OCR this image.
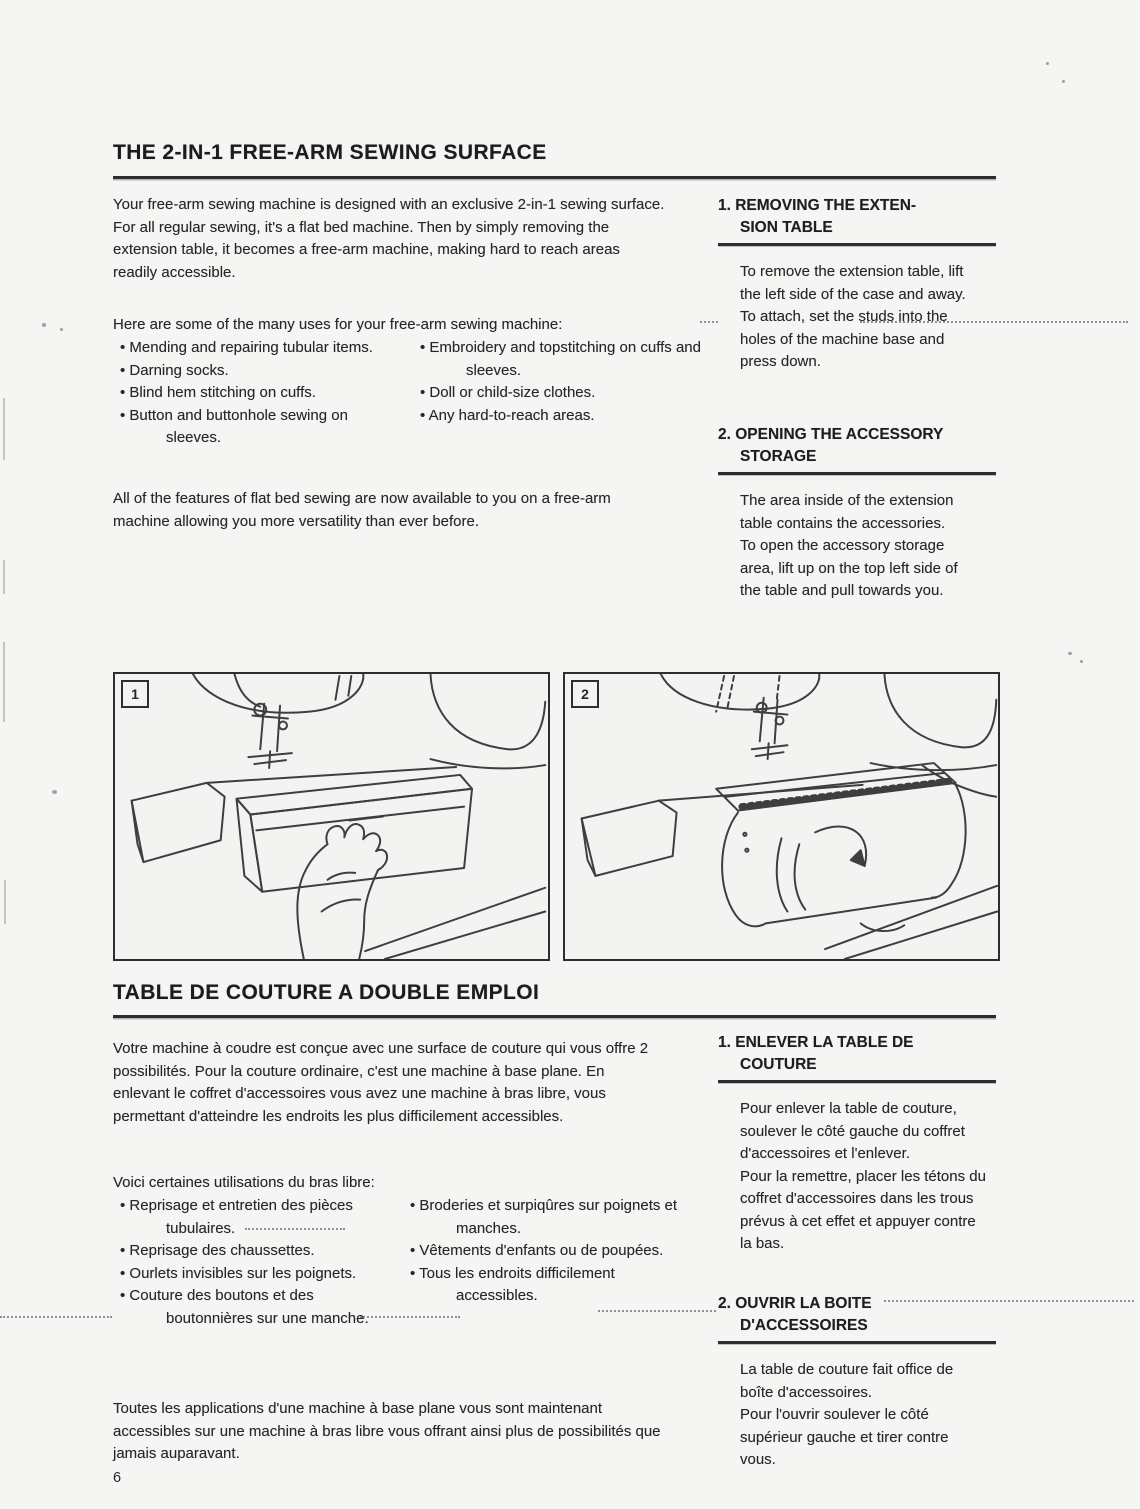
THE 2-IN-1 FREE-ARM SEWING SURFACE

Your free-arm sewing machine is designed with an exclusive 2-in-1 sewing surface. For all regular sewing, it's a flat bed machine. Then by simply removing the extension table, it becomes a free-arm machine, making hard to reach areas readily accessible.

Here are some of the many uses for your free-arm sewing machine:

• Mending and repairing tubular items.
• Darning socks.
• Blind hem stitching on cuffs.
• Button and buttonhole sewing on sleeves.
• Embroidery and topstitching on cuffs and sleeves.
• Doll or child-size clothes.
• Any hard-to-reach areas.

All of the features of flat bed sewing are now available to you on a free-arm machine allowing you more versatility than ever before.

1. REMOVING THE EXTEN-
SION TABLE

To remove the extension table, lift the left side of the case and away.

To attach, set the studs into the holes of the machine base and press down.

2. OPENING THE ACCESSORY
STORAGE

The area inside of the extension table contains the accessories.

To open the accessory storage area, lift up on the top left side of the table and pull towards you.

1	2
TABLE DE COUTURE A DOUBLE EMPLOI

Votre machine à coudre est conçue avec une surface de couture qui vous offre 2 possibilités. Pour la couture ordinaire, c'est une machine à base plane. En enlevant le coffret d'accessoires vous avez une machine à bras libre, vous permettant d'atteindre les endroits les plus difficilement accessibles.

Voici certaines utilisations du bras libre:

• Reprisage et entretien des pièces tubulaires.
• Reprisage des chaussettes.
• Ourlets invisibles sur les poignets.
• Couture des boutons et des boutonnières sur une manche.
• Broderies et surpiqûres sur poignets et manches.
• Vêtements d'enfants ou de poupées.
• Tous les endroits difficilement accessibles.

Toutes les applications d'une machine à base plane vous sont maintenant accessibles sur une machine à bras libre vous offrant ainsi plus de possibilités que jamais auparavant.

6
1. ENLEVER LA TABLE DE
COUTURE

Pour enlever la table de couture, soulever le côté gauche du coffret d'accessoires et l'enlever.

Pour la remettre, placer les tétons du coffret d'accessoires dans les trous prévus à cet effet et appuyer contre la bas.

2. OUVRIR LA BOITE
D'ACCESSOIRES

La table de couture fait office de boîte d'accessoires.

Pour l'ouvrir soulever le côté supérieur gauche et tirer contre vous.
